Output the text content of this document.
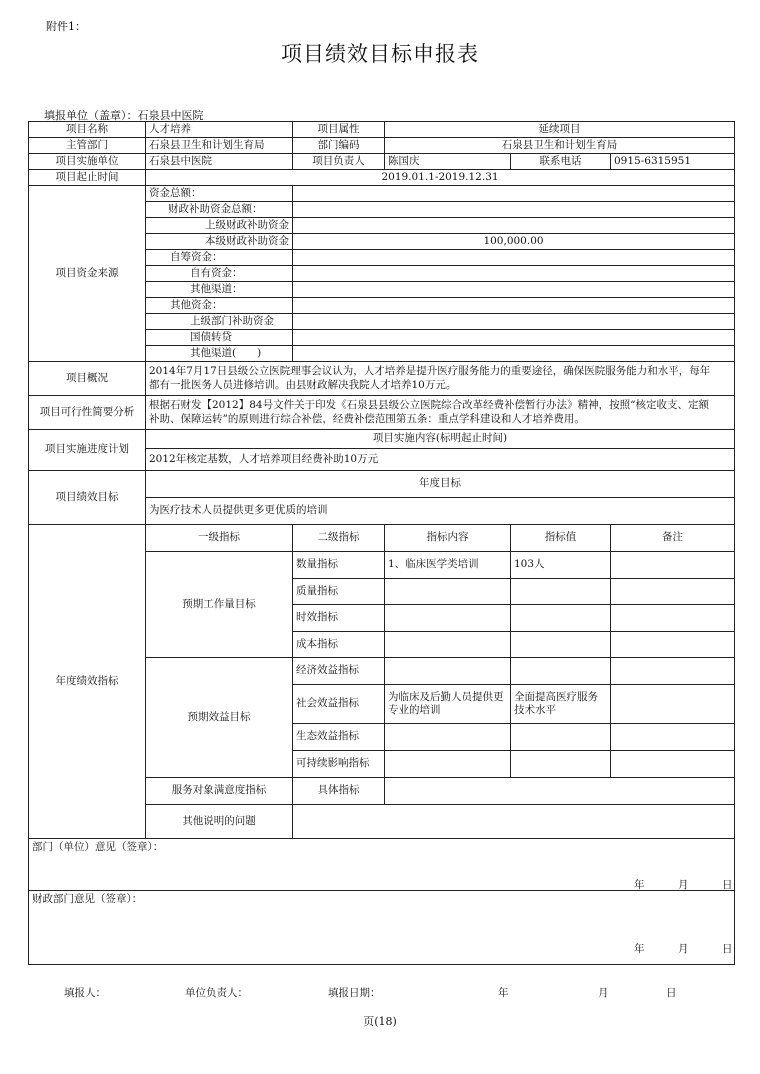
附件1：
项目绩效目标申报表
填报单位（盖章）：石泉县中医院
项目名称	人才培养	项目属性	延续项目		
主管部门	石泉县卫生和计划生育局	部门编码	石泉县卫生和计划生育局		
项目实施单位	石泉县中医院	项目负责人	陈国庆	联系电话	0915-6315951
项目起止时间	2019.01.1-2019.12.31				
项目资金来源	资金总额：				
	财政补助资金总额：				
	上级财政补助资金				
	本级财政补助资金	100,000.00			
	自筹资金：				
	自有资金：				
	其他渠道：				
	其他资金：				
	上级部门补助资金				
	国债转贷				
	其他渠道(　　)				
项目概况	2014年7月17日县级公立医院理事会议认为，人才培养是提升医疗服务能力的重要途径，确保医院服务能力和水平，每年　　都有一批医务人员进修培训。由县财政解决我院人才培养10万元。				
项目可行性简要分析	根据石财发【2012】84号文件关于印发《石泉县县级公立医院综合改革经费补偿暂行办法》精神，按照“核定收支、定额　　补助、保障运转”的原则进行综合补偿，经费补偿范围第五条：重点学科建设和人才培养费用。				
项目实施进度计划	项目实施内容(标明起止时间)				
	2012年核定基数，人才培养项目经费补助10万元				
项目绩效目标	年度目标				
	为医疗技术人员提供更多更优质的培训				
年度绩效指标	一级指标	二级指标	指标内容	指标值	备注
	预期工作量目标	数量指标	1、临床医学类培训	103人	
		质量指标			
		时效指标			
		成本指标			
	预期效益目标	经济效益指标			
		社会效益指标	为临床及后勤人员提供更专业的培训	全面提高医疗服务技术水平	
		生态效益指标			
		可持续影响指标			
	服务对象满意度指标	具体指标			
	其他说明的问题				
部门（单位）意见（签章）：					
财政部门意见（签章）：					
年	月	日
年	月	日
填报人：	单位负责人：	填报日期：	年	月	日
页(18)
